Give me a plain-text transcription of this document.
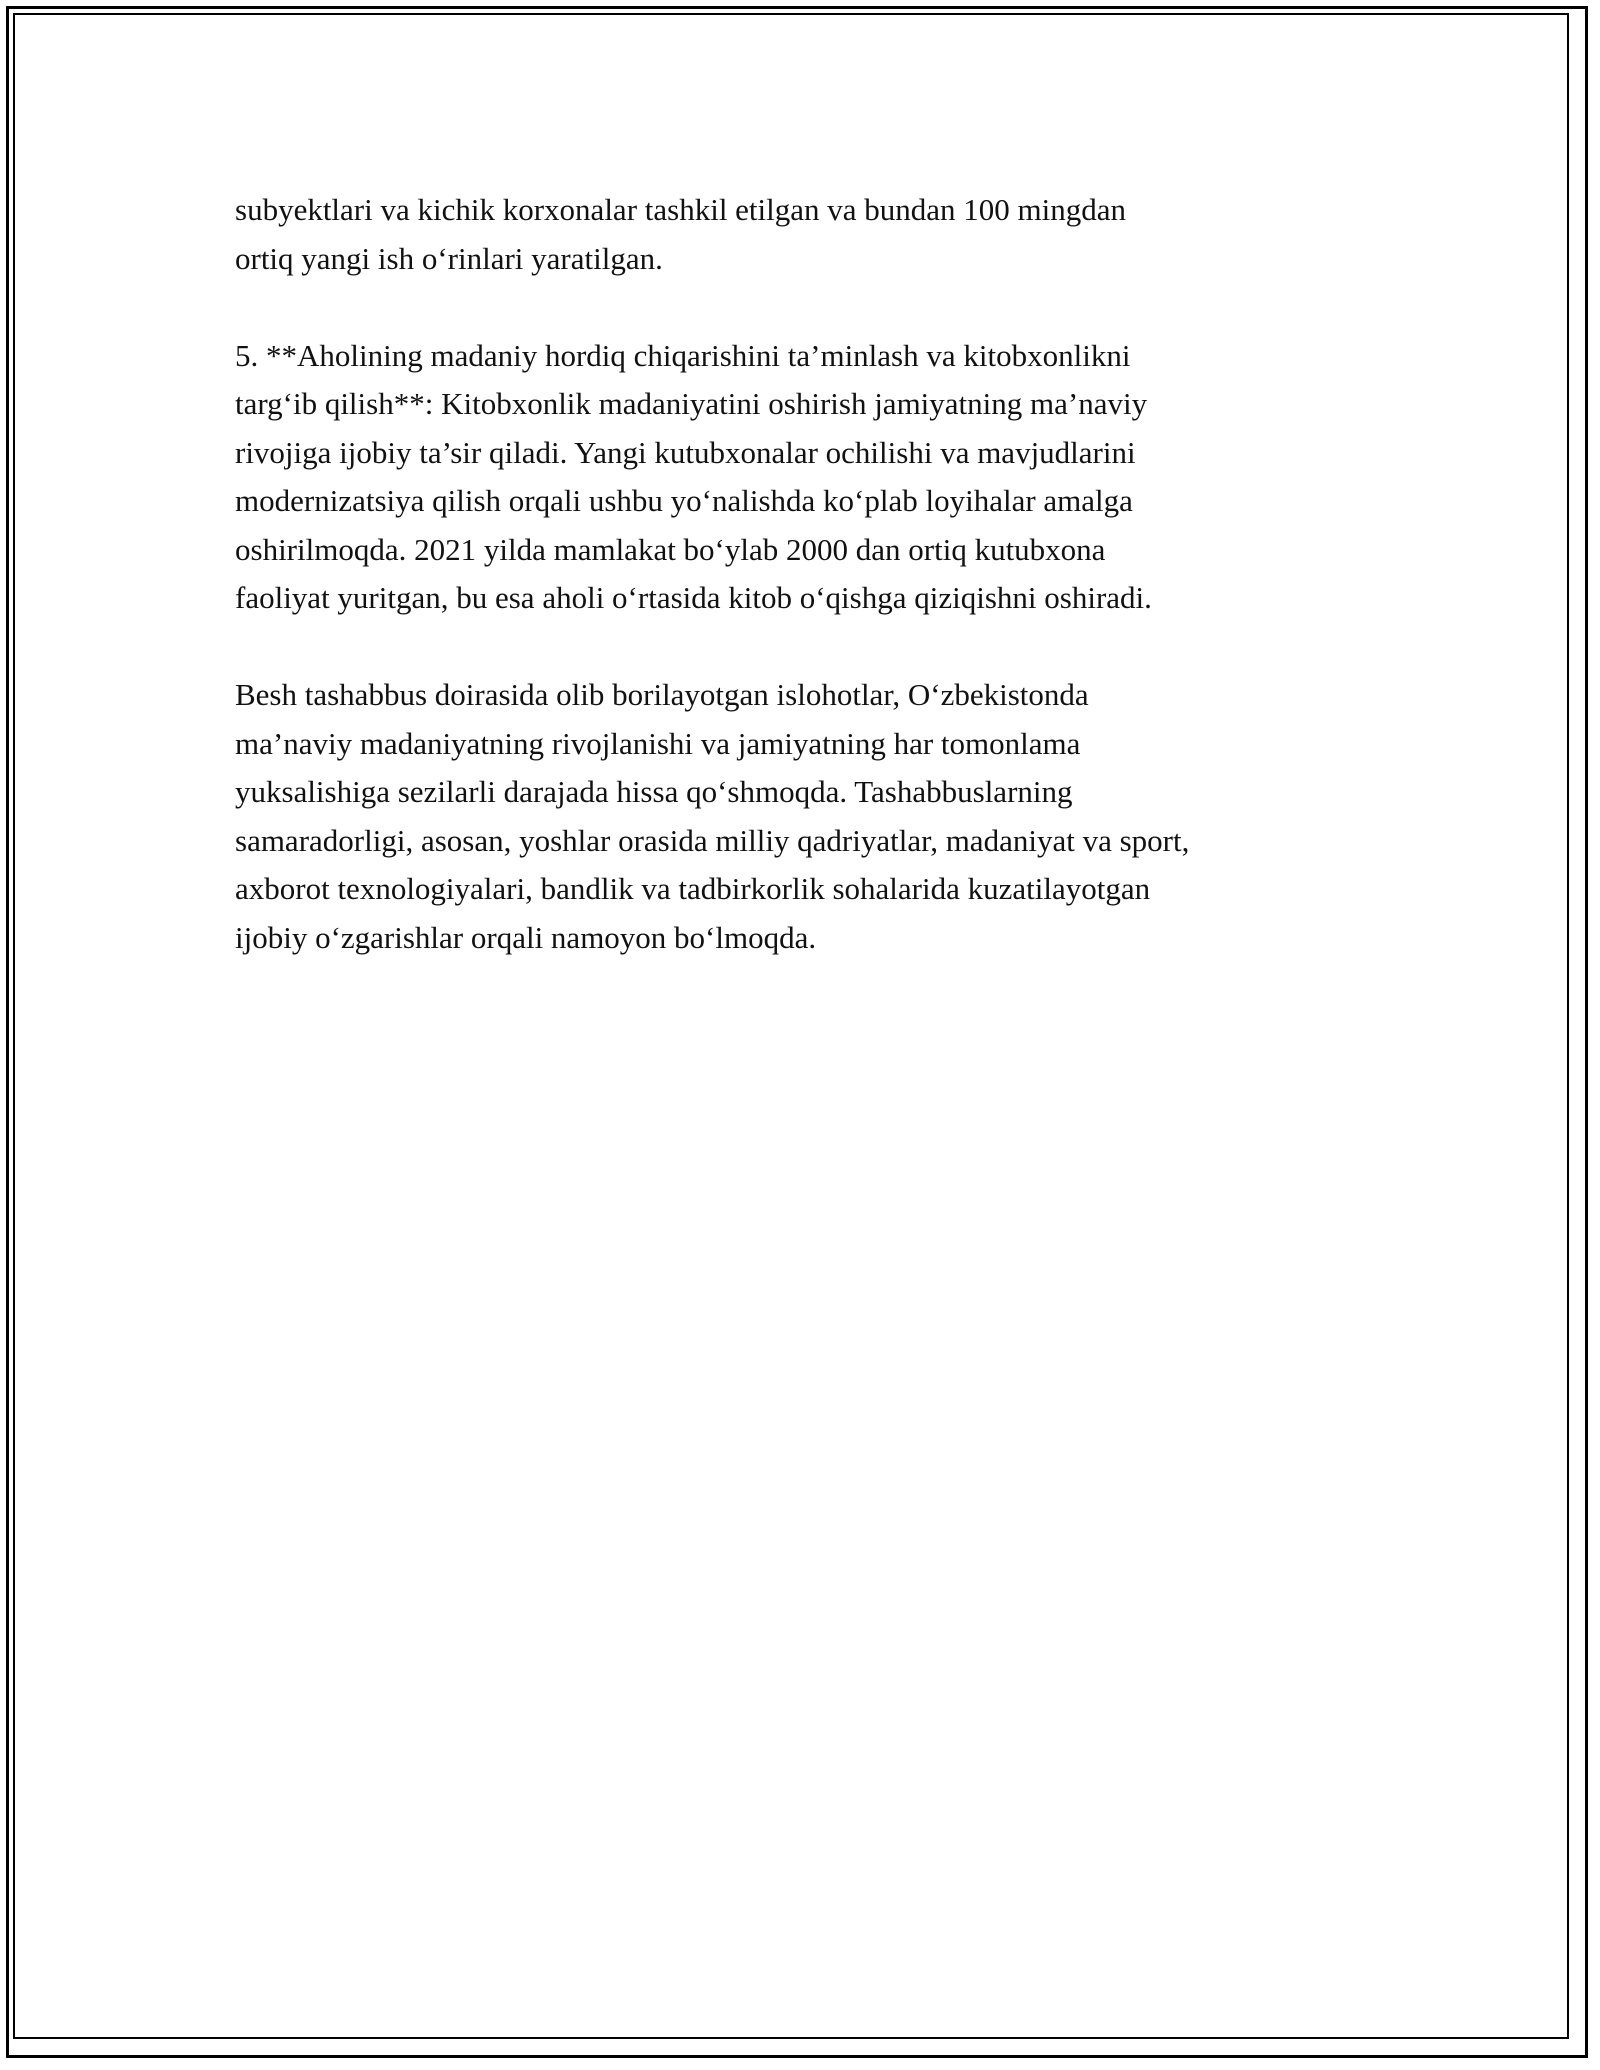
subyektlari va kichik korxonalar tashkil etilgan va bundan 100 mingdan
ortiq yangi ish o‘rinlari yaratilgan.

5. **Aholining madaniy hordiq chiqarishini ta’minlash va kitobxonlikni
targ‘ib qilish**: Kitobxonlik madaniyatini oshirish jamiyatning ma’naviy
rivojiga ijobiy ta’sir qiladi. Yangi kutubxonalar ochilishi va mavjudlarini
modernizatsiya qilish orqali ushbu yo‘nalishda ko‘plab loyihalar amalga
oshirilmoqda. 2021 yilda mamlakat bo‘ylab 2000 dan ortiq kutubxona
faoliyat yuritgan, bu esa aholi o‘rtasida kitob o‘qishga qiziqishni oshiradi.

Besh tashabbus doirasida olib borilayotgan islohotlar, O‘zbekistonda
ma’naviy madaniyatning rivojlanishi va jamiyatning har tomonlama
yuksalishiga sezilarli darajada hissa qo‘shmoqda. Tashabbuslarning
samaradorligi, asosan, yoshlar orasida milliy qadriyatlar, madaniyat va sport,
axborot texnologiyalari, bandlik va tadbirkorlik sohalarida kuzatilayotgan
ijobiy o‘zgarishlar orqali namoyon bo‘lmoqda.
